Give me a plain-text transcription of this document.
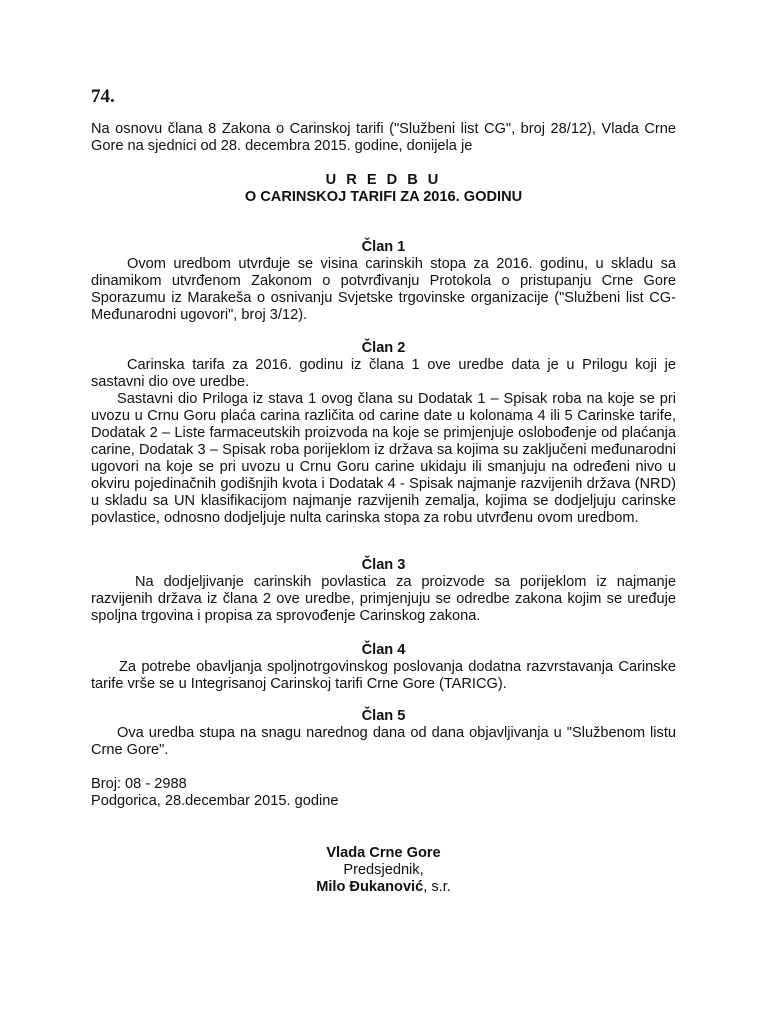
74.

Na osnovu člana 8 Zakona o Carinskoj tarifi ("Službeni list CG", broj 28/12), Vlada Crne Gore na sjednici od 28. decembra 2015. godine, donijela je

U R E D B U

O CARINSKOJ TARIFI ZA 2016. GODINU

Član 1

Ovom uredbom utvrđuje se visina carinskih stopa za 2016. godinu, u skladu sa dinamikom utvrđenom Zakonom o potvrđivanju Protokola o pristupanju Crne Gore Sporazumu iz Marakeša o osnivanju Svjetske trgovinske organizacije ("Službeni list CG-Međunarodni ugovori", broj 3/12).

Član 2

Carinska tarifa za 2016. godinu iz člana 1 ove uredbe data je u Prilogu koji je sastavni dio ove uredbe.

Sastavni dio Priloga iz stava 1 ovog člana su Dodatak 1 – Spisak roba na koje se pri uvozu u Crnu Goru plaća carina različita od carine date u kolonama 4 ili 5 Carinske tarife, Dodatak 2 – Liste farmaceutskih proizvoda na koje se primjenjuje oslobođenje od plaćanja carine, Dodatak 3 – Spisak roba porijeklom iz država sa kojima su zaključeni međunarodni ugovori na koje se pri uvozu u Crnu Goru carine ukidaju ili smanjuju na određeni nivo u okviru pojedinačnih godišnjih kvota i Dodatak 4 - Spisak najmanje razvijenih država (NRD) u skladu sa UN klasifikacijom najmanje razvijenih zemalja, kojima se dodjeljuju carinske povlastice, odnosno dodjeljuje nulta carinska stopa za robu utvrđenu ovom uredbom.

Član 3

Na dodjeljivanje carinskih povlastica za proizvode sa porijeklom iz najmanje razvijenih država iz člana 2 ove uredbe, primjenjuju se odredbe zakona kojim se uređuje spoljna trgovina i propisa za sprovođenje Carinskog zakona.

Član 4

Za potrebe obavljanja spoljnotrgovinskog poslovanja dodatna razvrstavanja Carinske tarife vrše se u Integrisanoj Carinskoj tarifi Crne Gore (TARICG).

Član 5

Ova uredba stupa na snagu narednog dana od dana objavljivanja u "Službenom listu Crne Gore".

Broj: 08 - 2988

Podgorica, 28.decembar 2015. godine

Vlada Crne Gore

Predsjednik,

Milo Đukanović, s.r.
